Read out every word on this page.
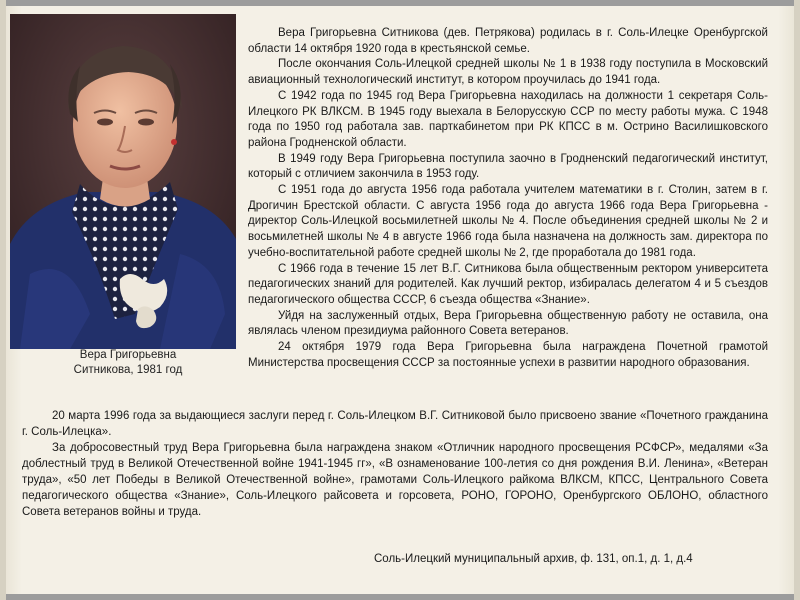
Вера Григорьевна
Ситникова, 1981 год

Вера Григорьевна Ситникова (дев. Петрякова) родилась в г. Соль-Илецке Оренбургской области 14 октября 1920 года в крестьянской семье.

После окончания Соль-Илецкой средней школы № 1 в 1938 году поступила в Московский авиационный технологический институт, в котором проучилась до 1941 года.

С 1942 года по 1945 год Вера Григорьевна находилась на должности 1 секретаря Соль-Илецкого РК ВЛКСМ. В 1945 году выехала в Белорусскую ССР по месту работы мужа. С 1948 года по 1950 год работала зав. парткабинетом при РК КПСС в м. Острино Василишковского района Гродненской области.

В 1949 году Вера Григорьевна поступила заочно в Гродненский педагогический институт, который с отличием закончила в 1953 году.

С 1951 года до августа 1956 года работала учителем математики в г. Столин, затем в г. Дрогичин Брестской области. С августа 1956 года до августа 1966 года Вера Григорьевна - директор Соль-Илецкой восьмилетней школы № 4. После объединения средней школы № 2 и восьмилетней школы № 4 в августе 1966 года была назначена на должность зам. директора по учебно-воспитательной работе средней школы № 2, где проработала до 1981 года.

С 1966 года в течение 15 лет В.Г. Ситникова была общественным ректором университета педагогических знаний для родителей. Как лучший ректор, избиралась делегатом 4 и 5 съездов педагогического общества СССР, 6 съезда общества «Знание».

Уйдя на заслуженный отдых, Вера Григорьевна общественную работу не оставила, она являлась членом президиума районного Совета ветеранов.

24 октября 1979 года Вера Григорьевна была награждена Почетной грамотой Министерства просвещения СССР за постоянные успехи в развитии народного образования.

20 марта 1996 года за выдающиеся заслуги перед г. Соль-Илецком В.Г. Ситниковой было присвоено звание «Почетного гражданина г. Соль-Илецка».

За добросовестный труд Вера Григорьевна была награждена знаком «Отличник народного просвещения РСФСР», медалями «За доблестный труд в Великой Отечественной войне 1941-1945 гг», «В ознаменование 100-летия со дня рождения В.И. Ленина», «Ветеран труда», «50 лет Победы в Великой Отечественной войне», грамотами Соль-Илецкого райкома ВЛКСМ, КПСС, Центрального Совета педагогического общества «Знание», Соль-Илецкого райсовета и горсовета, РОНО, ГОРОНО, Оренбургского ОБЛОНО, областного Совета ветеранов войны и труда.

Соль-Илецкий муниципальный архив, ф. 131, оп.1, д. 1, д.4
